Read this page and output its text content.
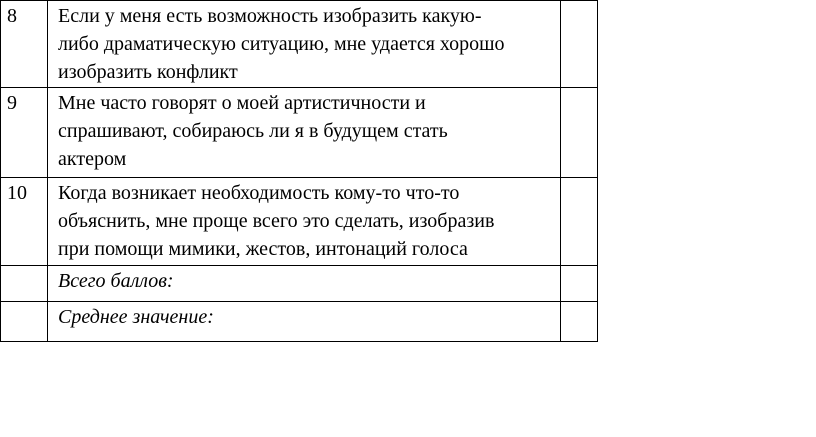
8	Если у меня есть возможность изобразить какую-
либо драматическую ситуацию, мне удается хорошо
изобразить конфликт	

9	Мне часто говорят о моей артистичности и
спрашивают, собираюсь ли я в будущем стать
актером	

10	Когда возникает необходимость кому-то что-то
объяснить, мне проще всего это сделать, изобразив
при помощи мимики, жестов, интонаций голоса	

	Всего баллов:	
	Среднее значение:	
